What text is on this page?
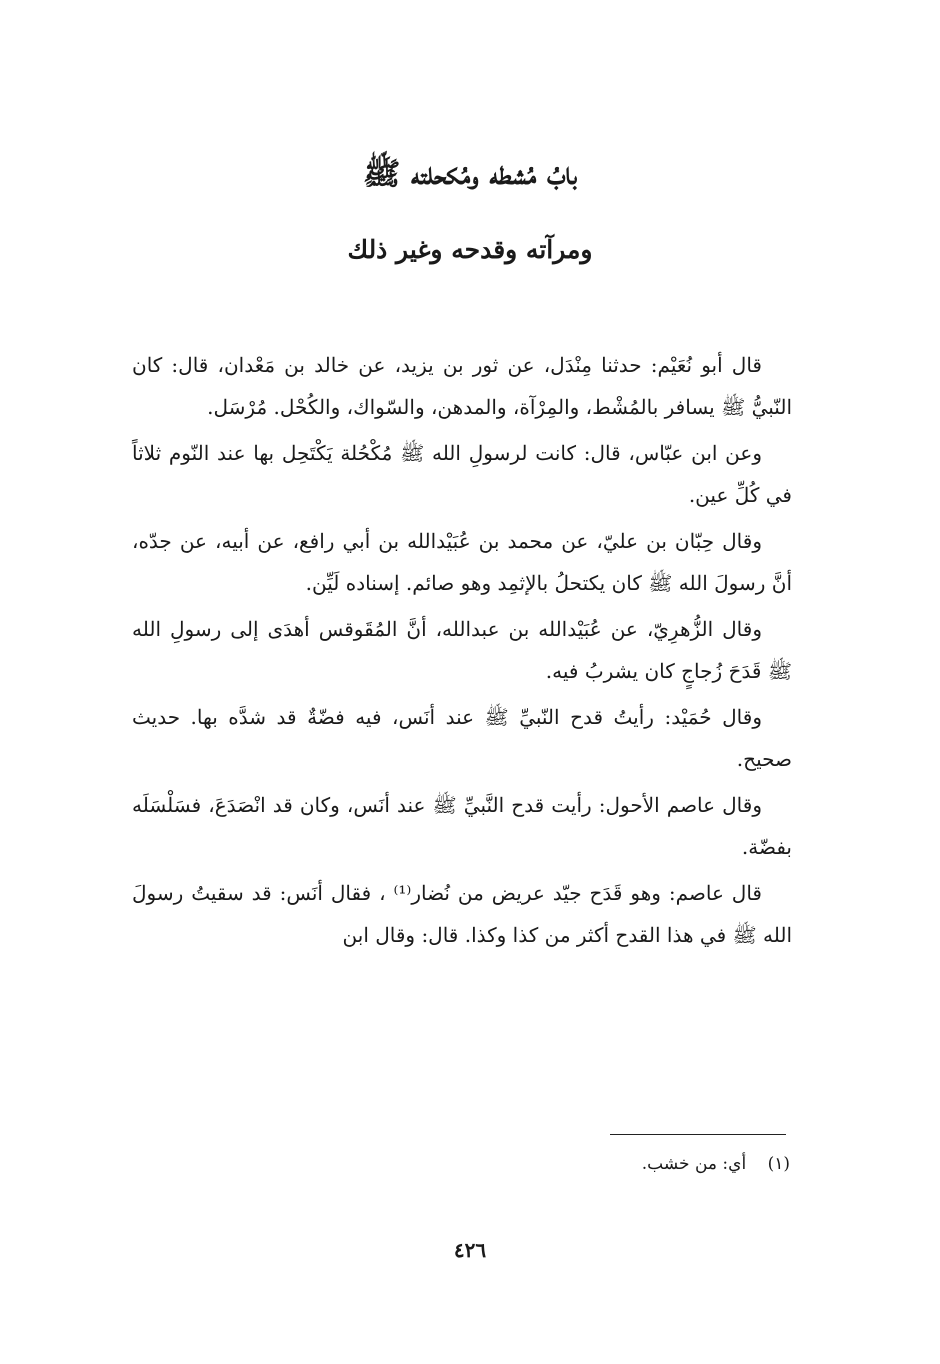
بابُ مُشطه ومُكحلته ﷺ
ومرآته وقدحه وغير ذلك

قال أبو نُعَيْم: حدثنا مِنْدَل، عن ثور بن يزيد، عن خالد بن مَعْدان، قال: كان النّبيُّ ﷺ يسافر بالمُشْط، والمِرْآة، والمدهن، والسّواك، والكُحْل. مُرْسَل.

وعن ابن عبّاس، قال: كانت لرسولِ الله ﷺ مُكْحُلة يَكْتَحِل بها عند النّوم ثلاثاً في كُلِّ عين.

وقال حِبّان بن عليّ، عن محمد بن عُبَيْدالله بن أبي رافع، عن أبيه، عن جدّه، أنَّ رسولَ الله ﷺ كان يكتحلُ بالإثمِد وهو صائم. إسناده لَيِّن.

وقال الزُّهرِيّ، عن عُبَيْدالله بن عبدالله، أنَّ المُقَوقس أهدَى إلى رسولِ الله ﷺ قَدَحَ زُجاجٍ كان يشربُ فيه.

وقال حُمَيْد: رأيتُ قدح النّبيِّ ﷺ عند أنَس، فيه فضّةٌ قد شدَّه بها. حديث صحيح.

وقال عاصم الأحول: رأيت قدح النَّبيِّ ﷺ عند أنَس، وكان قد انْصَدَعَ، فسَلْسَلَه بفضّة.

قال عاصم: وهو قَدَح جيّد عريض من نُضار⁽¹⁾ ، فقال أنَس: قد سقيتُ رسولَ الله ﷺ في هذا القدح أكثر من كذا وكذا. قال: وقال ابن

(١) أي: من خشب.
٤٢٦
